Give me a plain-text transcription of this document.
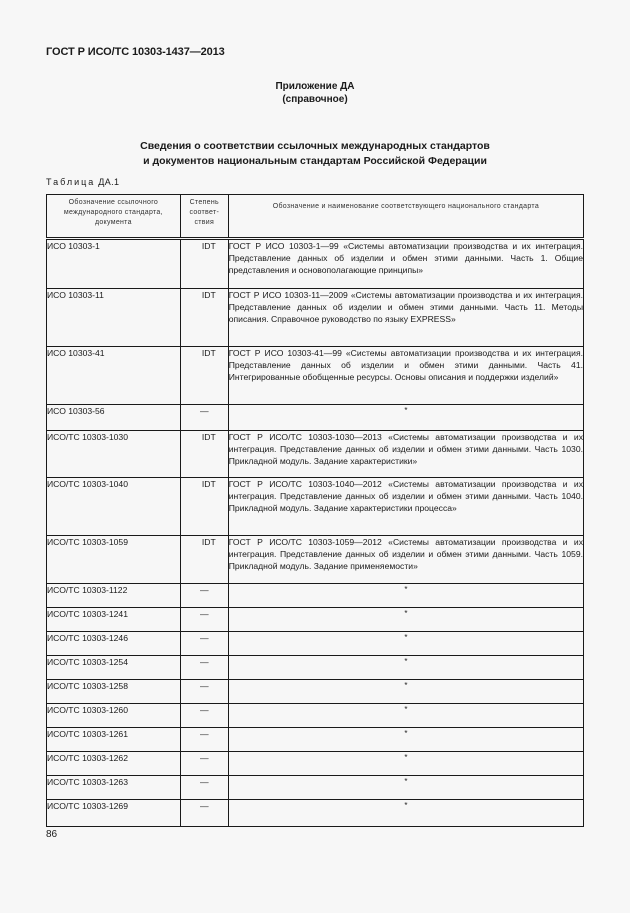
ГОСТ Р ИСО/ТС 10303-1437—2013
Приложение ДА
(справочное)
Сведения о соответствии ссылочных международных стандартов
и документов национальным стандартам Российской Федерации
Таблица ДА.1
Обозначение ссылочного международного стандарта, документа	Степень соответ-ствия	Обозначение и наименование соответствующего национального стандарта
ИСО 10303-1	IDT	ГОСТ Р ИСО 10303-1—99 «Системы автоматизации производства и их интеграция. Представление данных об изделии и обмен этими данными. Часть 1. Общие представления и основополагающие принципы»
ИСО 10303-11	IDT	ГОСТ Р ИСО 10303-11—2009 «Системы автоматизации производства и их интеграция. Представление данных об изделии и обмен этими данными. Часть 11. Методы описания. Справочное руководство по языку EXPRESS»
ИСО 10303-41	IDT	ГОСТ Р ИСО 10303-41—99 «Системы автоматизации производства и их интеграция. Представление данных об изделии и обмен этими данными. Часть 41. Интегрированные обобщенные ресурсы. Основы описания и поддержки изделий»
ИСО 10303-56	—	*
ИСО/ТС 10303-1030	IDT	ГОСТ Р ИСО/ТС 10303-1030—2013 «Системы автоматизации производства и их интеграция. Представление данных об изделии и обмен этими данными. Часть 1030. Прикладной модуль. Задание характеристики»
ИСО/ТС 10303-1040	IDT	ГОСТ Р ИСО/ТС 10303-1040—2012 «Системы автоматизации производства и их интеграция. Представление данных об изделии и обмен этими данными. Часть 1040. Прикладной модуль. Задание характеристики процесса»
ИСО/ТС 10303-1059	IDT	ГОСТ Р ИСО/ТС 10303-1059—2012 «Системы автоматизации производства и их интеграция. Представление данных об изделии и обмен этими данными. Часть 1059. Прикладной модуль. Задание применяемости»
ИСО/ТС 10303-1122	—	*
ИСО/ТС 10303-1241	—	*
ИСО/ТС 10303-1246	—	*
ИСО/ТС 10303-1254	—	*
ИСО/ТС 10303-1258	—	*
ИСО/ТС 10303-1260	—	*
ИСО/ТС 10303-1261	—	*
ИСО/ТС 10303-1262	—	*
ИСО/ТС 10303-1263	—	*
ИСО/ТС 10303-1269	—	*
86
